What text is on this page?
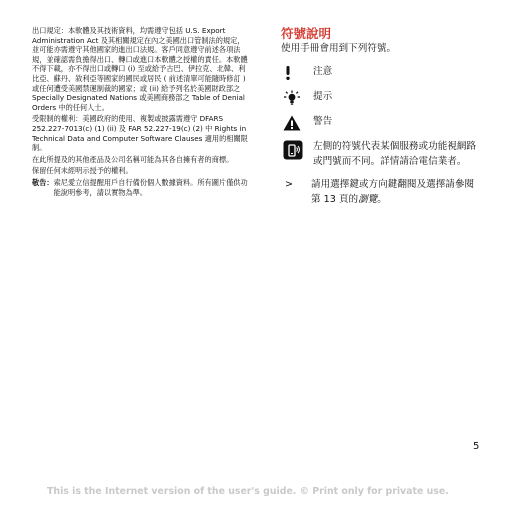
出口規定：本軟體及其技術資料，均需遵守包括 U.S. Export Administration Act 及其相關規定在內之美國出口管制法的規定，並可能亦需遵守其他國家的進出口法規。客戶同意遵守前述各項法規，並確認需負擔得出口、轉口或進口本軟體之授權的責任。本軟體不得下載，亦不得出口或轉口 (i) 至或給予古巴、伊拉克、北韓、利比亞、蘇丹、敘利亞等國家的國民或居民 ( 前述清單可能隨時修訂 ) 或任何遭受美國禁運制裁的國家；或 (ii) 給予列名於美國財政部之 Specially Designated Nations 或美國商務部之 Table of Denial Orders 中的任何人士。

受限制的權利：美國政府的使用、複製或披露需遵守 DFARS 252.227-7013(c) (1) (ii) 及 FAR 52.227-19(c) (2) 中 Rights in Technical Data and Computer Software Clauses 適用的相關限制。

在此所提及的其他產品及公司名稱可能為其各自擁有者的商標。

保留任何未經明示授予的權利。

敬告： 索尼愛立信提醒用戶自行備份個人數據資料。所有圖片僅供功能說明參考，請以實物為準。
符號說明

使用手冊會用到下列符號。

注意
提示
警告
左側的符號代表某個服務或功能視網路或門號而不同。詳情請洽電信業者。
>	請用選擇鍵或方向鍵翻閱及選擇請參閱第 13 頁的瀏覽。
5
This is the Internet version of the user's guide. © Print only for private use.
